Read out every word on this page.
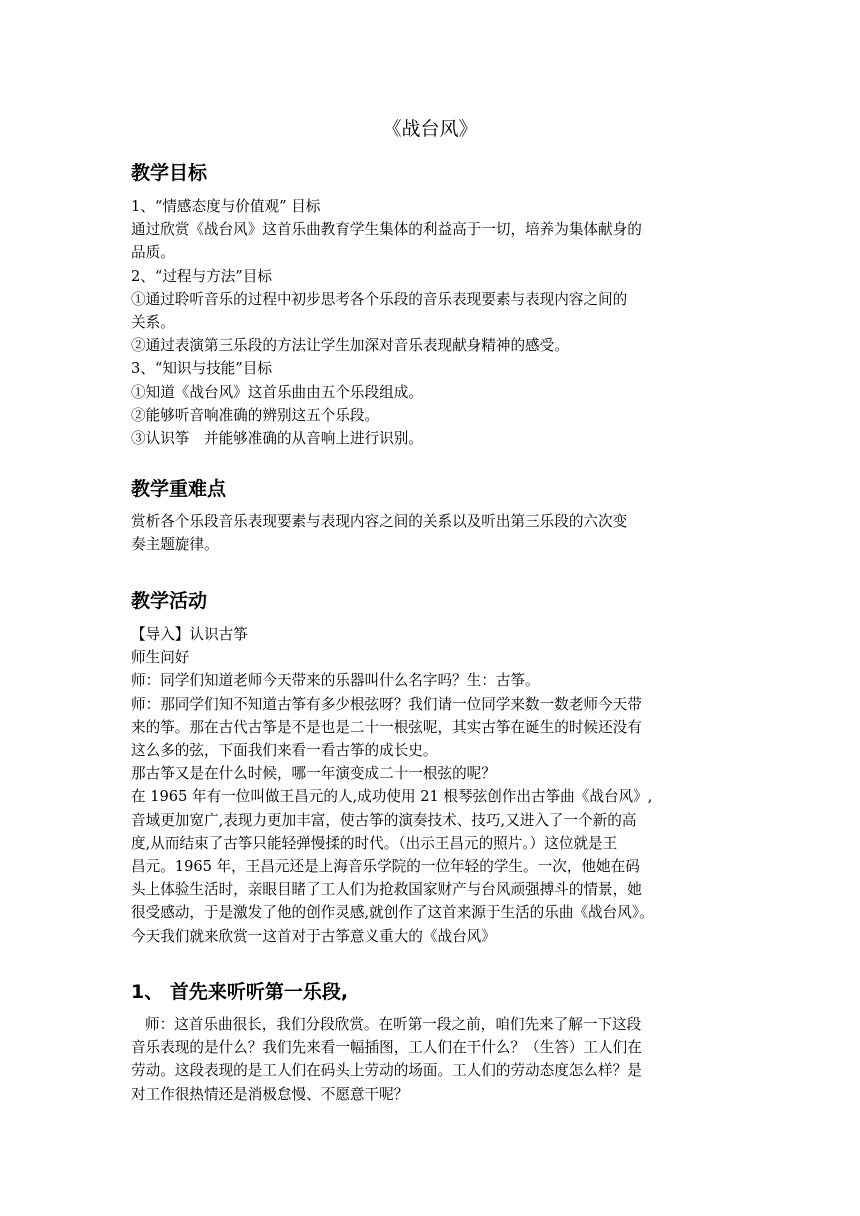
《战台风》
教学目标

1、“情感态度与价值观” 目标

通过欣赏《战台风》这首乐曲教育学生集体的利益高于一切，培养为集体献身的

品质。

2、“过程与方法”目标

①通过聆听音乐的过程中初步思考各个乐段的音乐表现要素与表现内容之间的

关系。

②通过表演第三乐段的方法让学生加深对音乐表现献身精神的感受。

3、“知识与技能”目标

①知道《战台风》这首乐曲由五个乐段组成。

②能够听音响准确的辨别这五个乐段。

③认识筝　并能够准确的从音响上进行识别。

教学重难点

赏析各个乐段音乐表现要素与表现内容之间的关系以及听出第三乐段的六次变

奏主题旋律。

教学活动

【导入】认识古筝

师生问好

师：同学们知道老师今天带来的乐器叫什么名字吗？生：古筝。

师：那同学们知不知道古筝有多少根弦呀？我们请一位同学来数一数老师今天带

来的筝。那在古代古筝是不是也是二十一根弦呢，其实古筝在诞生的时候还没有

这么多的弦，下面我们来看一看古筝的成长史。

那古筝又是在什么时候，哪一年演变成二十一根弦的呢？

在 1965 年有一位叫做王昌元的人,成功使用 21 根琴弦创作出古筝曲《战台风》,

音域更加宽广,表现力更加丰富，使古筝的演奏技术、技巧,又进入了一个新的高

度,从而结束了古筝只能轻弹慢揉的时代。（出示王昌元的照片。）这位就是王

昌元。1965 年，王昌元还是上海音乐学院的一位年轻的学生。一次，他她在码

头上体验生活时，亲眼目睹了工人们为抢救国家财产与台风顽强搏斗的情景，她

很受感动，于是激发了他的创作灵感,就创作了这首来源于生活的乐曲《战台风》。

今天我们就来欣赏一这首对于古筝意义重大的《战台风》

1、 首先来听听第一乐段,

师：这首乐曲很长，我们分段欣赏。在听第一段之前，咱们先来了解一下这段

音乐表现的是什么？我们先来看一幅插图，工人们在干什么？（生答）工人们在

劳动。这段表现的是工人们在码头上劳动的场面。工人们的劳动态度怎么样？是

对工作很热情还是消极怠慢、不愿意干呢？
